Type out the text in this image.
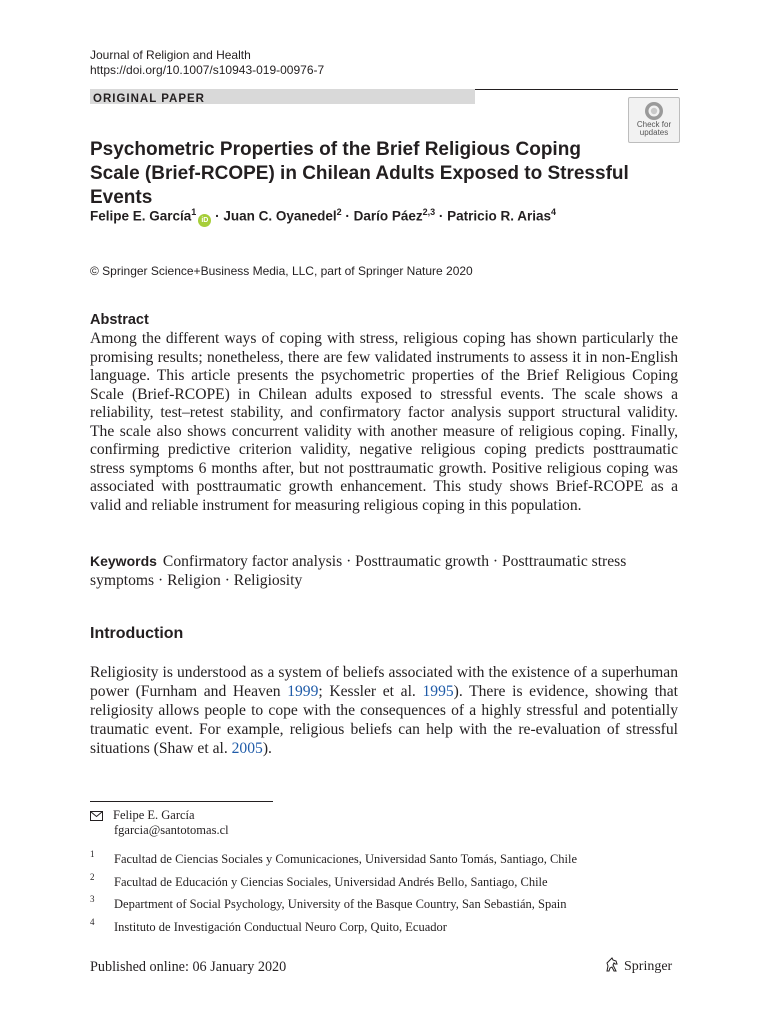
Journal of Religion and Health
https://doi.org/10.1007/s10943-019-00976-7
ORIGINAL PAPER
Check for
updates
Psychometric Properties of the Brief Religious Coping Scale (Brief-RCOPE) in Chilean Adults Exposed to Stressful Events
Felipe E. García$^1$iD · Juan C. Oyanedel$^2$ · Darío Páez$^{2,3}$ · Patricio R. Arias$^4$
© Springer Science+Business Media, LLC, part of Springer Nature 2020
Abstract

Among the different ways of coping with stress, religious coping has shown particularly the promising results; nonetheless, there are few validated instruments to assess it in non-English language. This article presents the psychometric properties of the Brief Religious Coping Scale (Brief-RCOPE) in Chilean adults exposed to stressful events. The scale shows a reliability, test–retest stability, and confirmatory factor analysis support structural validity. The scale also shows concurrent validity with another measure of religious coping. Finally, confirming predictive criterion validity, negative religious coping predicts posttraumatic stress symptoms 6 months after, but not posttraumatic growth. Positive religious coping was associated with posttraumatic growth enhancement. This study shows Brief-RCOPE as a valid and reliable instrument for measuring religious coping in this population.

Keywords Confirmatory factor analysis · Posttraumatic growth · Posttraumatic stress symptoms · Religion · Religiosity
Introduction

Religiosity is understood as a system of beliefs associated with the existence of a superhuman power (Furnham and Heaven 1999; Kessler et al. 1995). There is evidence, showing that religiosity allows people to cope with the consequences of a highly stressful and potentially traumatic event. For example, religious beliefs can help with the re-evaluation of stressful situations (Shaw et al. 2005).

Felipe E. García
fgarcia@santotomas.cl
1 Facultad de Ciencias Sociales y Comunicaciones, Universidad Santo Tomás, Santiago, Chile
2 Facultad de Educación y Ciencias Sociales, Universidad Andrés Bello, Santiago, Chile
3 Department of Social Psychology, University of the Basque Country, San Sebastián, Spain
4 Instituto de Investigación Conductual Neuro Corp, Quito, Ecuador
Published online: 06 January 2020	Springer
